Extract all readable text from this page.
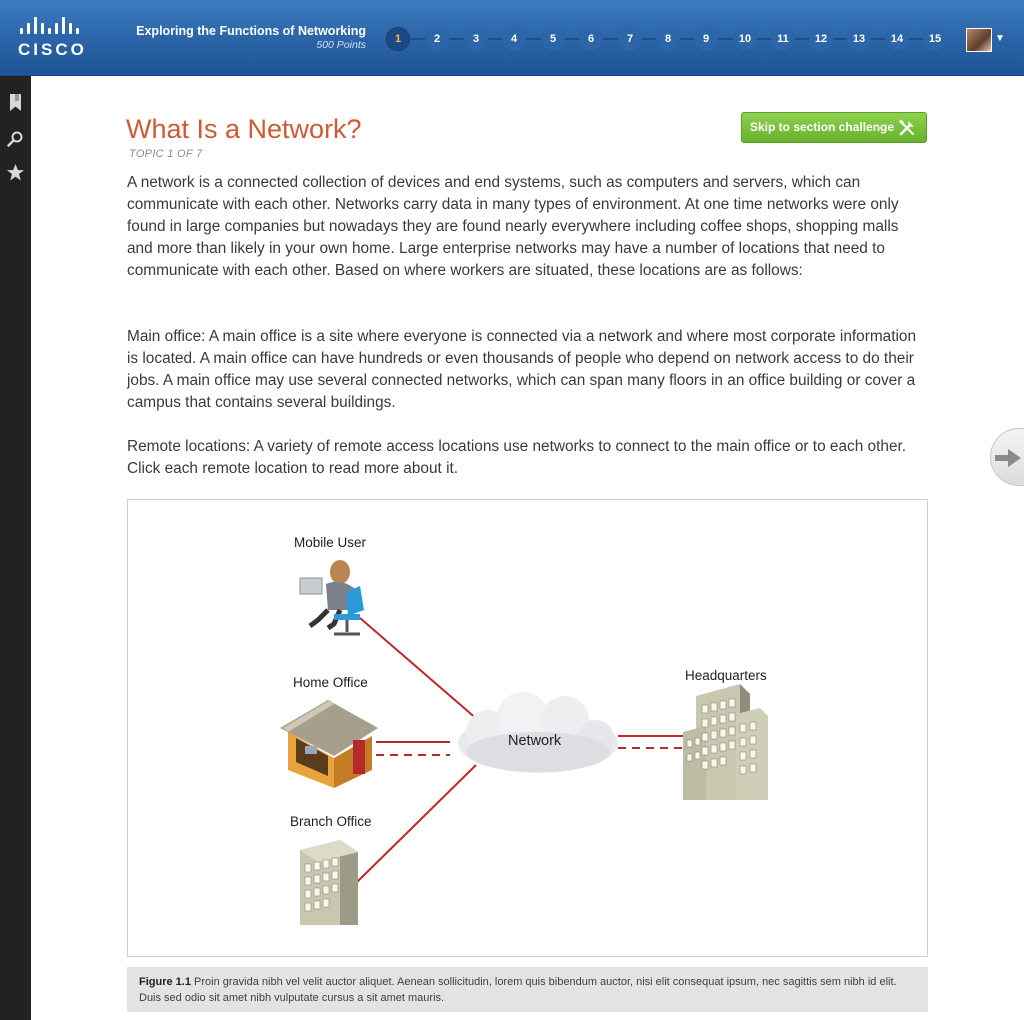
CISCO
Exploring the Functions of Networking
500 Points	1	2	3	4	5	6	7	8	9	10	11	12	13	14	15	▼
What Is a Network?
TOPIC 1 OF 7
Skip to section challenge

A network is a connected collection of devices and end systems, such as computers and servers, which can communicate with each other. Networks carry data in many types of environment. At one time networks were only found in large companies but nowadays they are found nearly everywhere including coffee shops, shopping malls and more than likely in your own home. Large enterprise networks may have a number of locations that need to communicate with each other. Based on where workers are situated, these locations are as follows:

Main office: A main office is a site where everyone is connected via a network and where most corporate information is located. A main office can have hundreds or even thousands of people who depend on network access to do their jobs. A main office may use several connected networks, which can span many floors in an office building or cover a campus that contains several buildings.

Remote locations: A variety of remote access locations use networks to connect to the main office or to each other. Click each remote location to read more about it.

Mobile User
Home Office
Branch Office
Network
Headquarters
Figure 1.1 Proin gravida nibh vel velit auctor aliquet. Aenean sollicitudin, lorem quis bibendum auctor, nisi elit consequat ipsum, nec sagittis sem nibh id elit. Duis sed odio sit amet nibh vulputate cursus a sit amet mauris.
